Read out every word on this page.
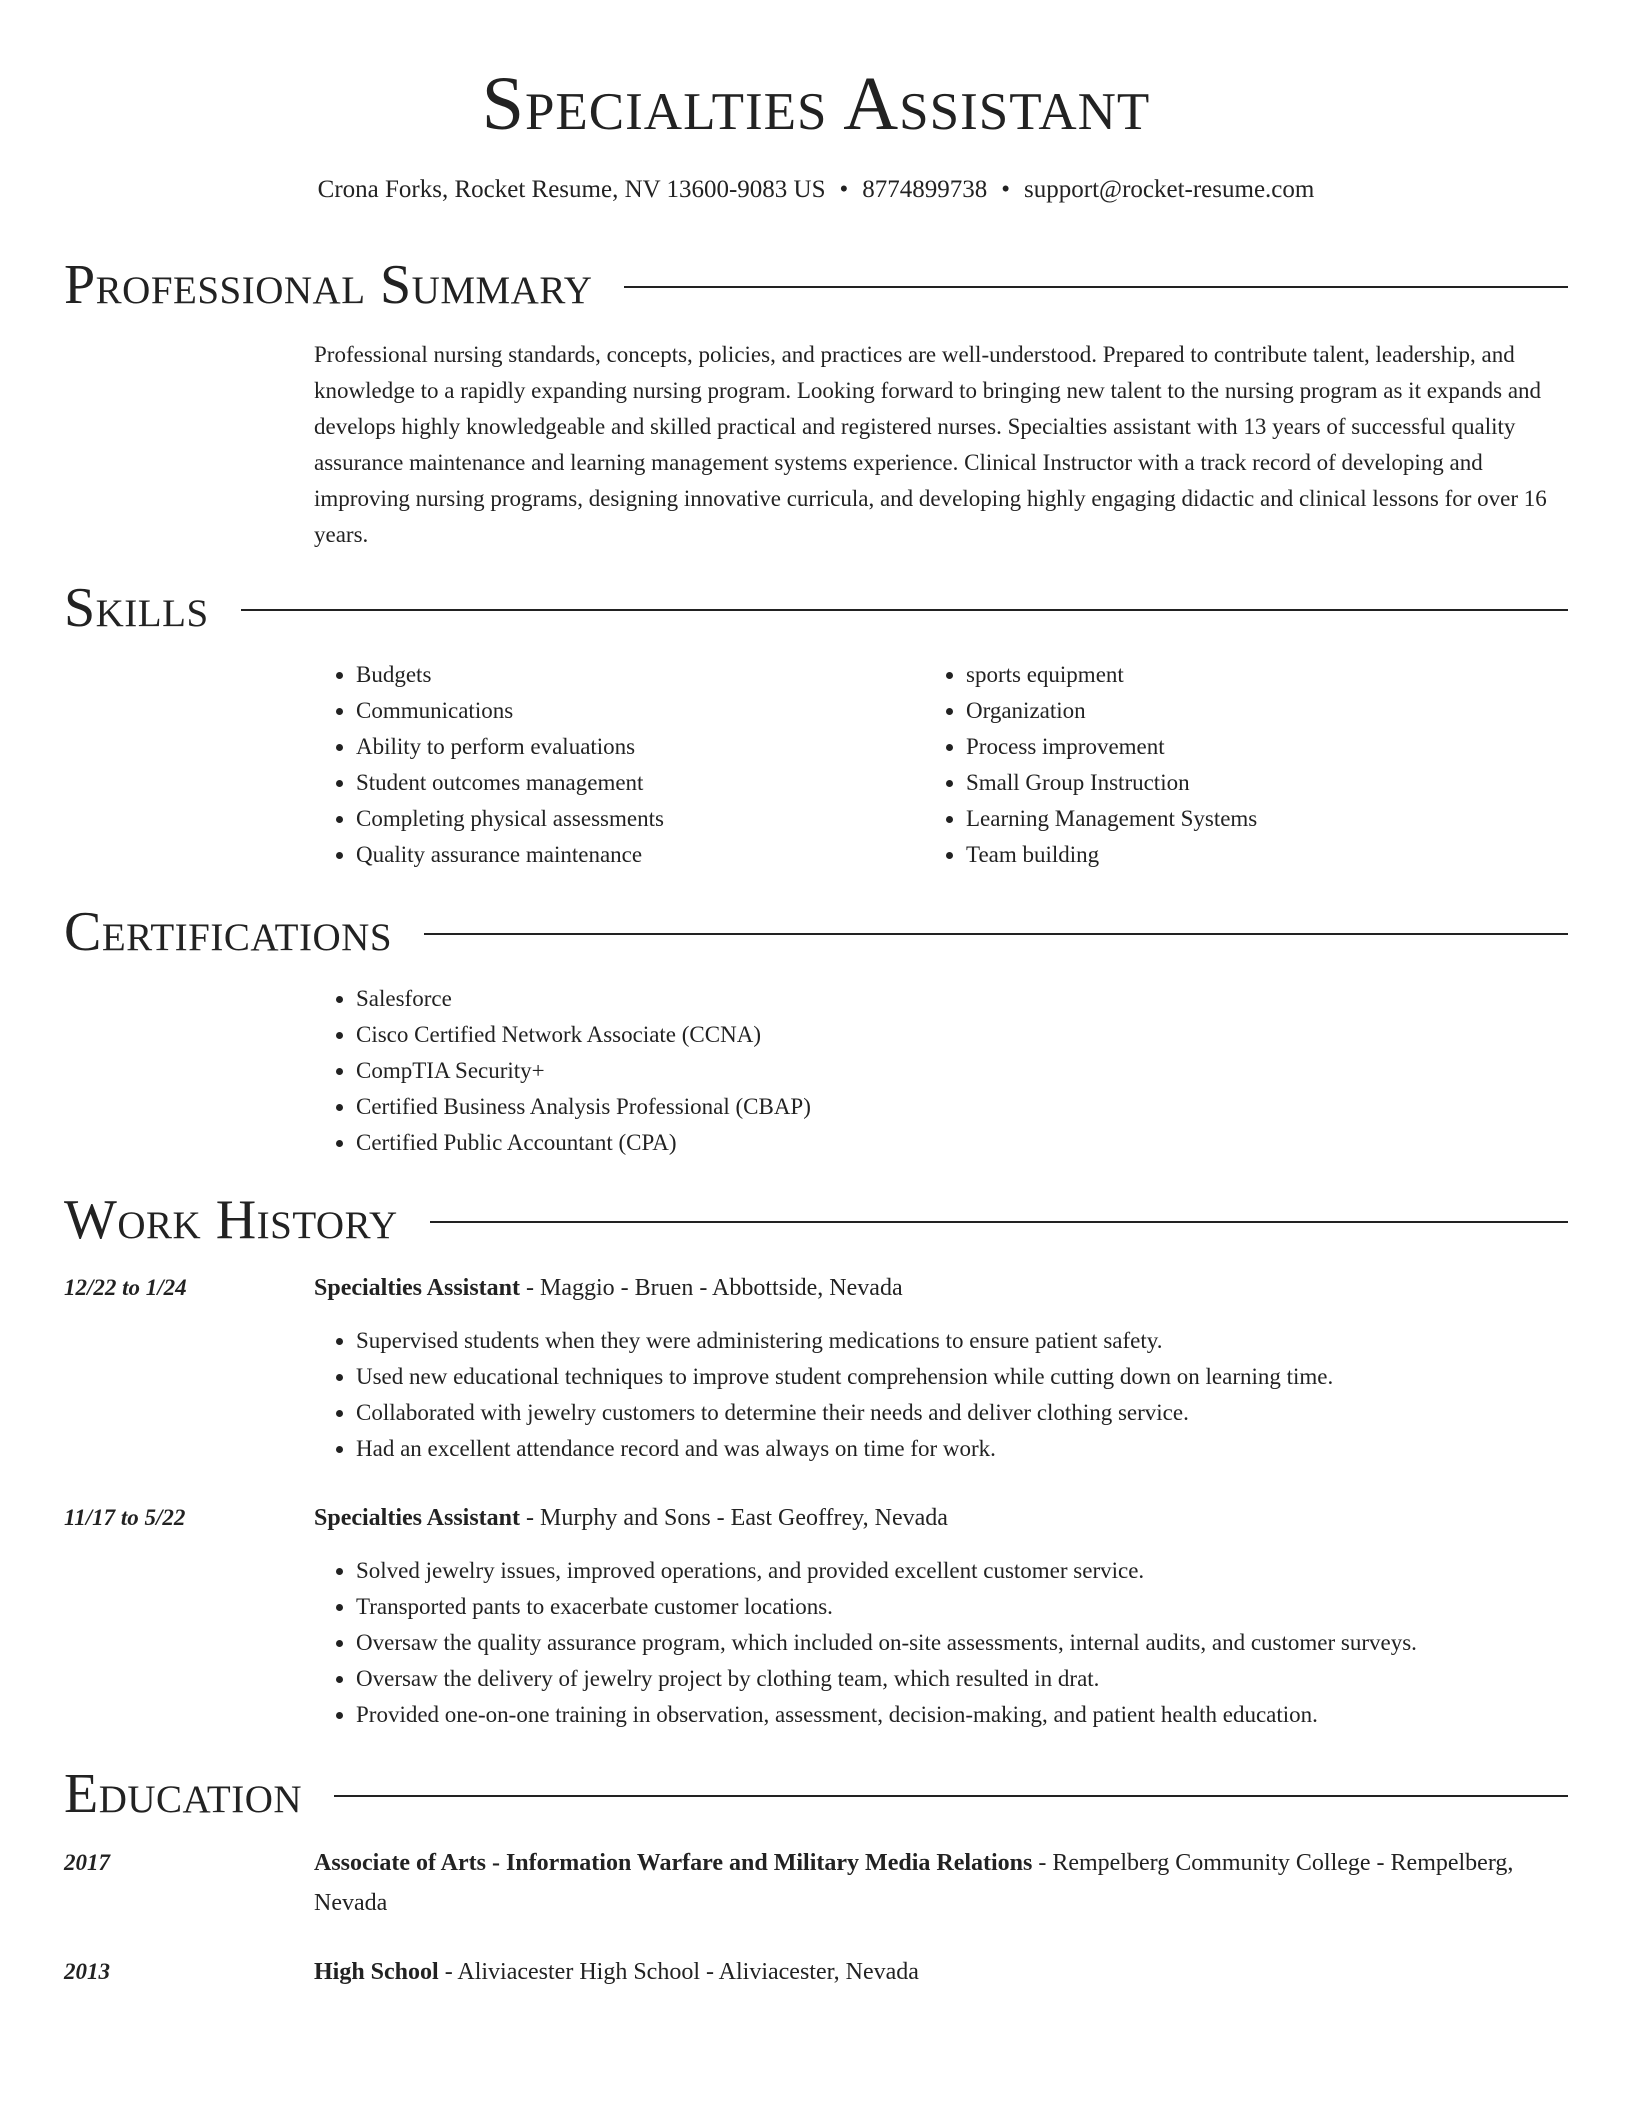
Specialties Assistant
Crona Forks, Rocket Resume, NV 13600-9083 US • 8774899738 • support@rocket-resume.com
Professional Summary

Professional nursing standards, concepts, policies, and practices are well-understood. Prepared to contribute talent, leadership, and knowledge to a rapidly expanding nursing program. Looking forward to bringing new talent to the nursing program as it expands and develops highly knowledgeable and skilled practical and registered nurses. Specialties assistant with 13 years of successful quality assurance maintenance and learning management systems experience. Clinical Instructor with a track record of developing and improving nursing programs, designing innovative curricula, and developing highly engaging didactic and clinical lessons for over 16 years.

Skills
• Budgets
• Communications
• Ability to perform evaluations
• Student outcomes management
• Completing physical assessments
• Quality assurance maintenance
• sports equipment
• Organization
• Process improvement
• Small Group Instruction
• Learning Management Systems
• Team building
Certifications
• Salesforce
• Cisco Certified Network Associate (CCNA)
• CompTIA Security+
• Certified Business Analysis Professional (CBAP)
• Certified Public Accountant (CPA)
Work History
12/22 to 1/24	Specialties Assistant - Maggio - Bruen - Abbottside, Nevada
• Supervised students when they were administering medications to ensure patient safety.
• Used new educational techniques to improve student comprehension while cutting down on learning time.
• Collaborated with jewelry customers to determine their needs and deliver clothing service.
• Had an excellent attendance record and was always on time for work.
11/17 to 5/22	Specialties Assistant - Murphy and Sons - East Geoffrey, Nevada
• Solved jewelry issues, improved operations, and provided excellent customer service.
• Transported pants to exacerbate customer locations.
• Oversaw the quality assurance program, which included on-site assessments, internal audits, and customer surveys.
• Oversaw the delivery of jewelry project by clothing team, which resulted in drat.
• Provided one-on-one training in observation, assessment, decision-making, and patient health education.
Education
2017	Associate of Arts - Information Warfare and Military Media Relations - Rempelberg Community College - Rempelberg, Nevada
2013	High School - Aliviacester High School - Aliviacester, Nevada
